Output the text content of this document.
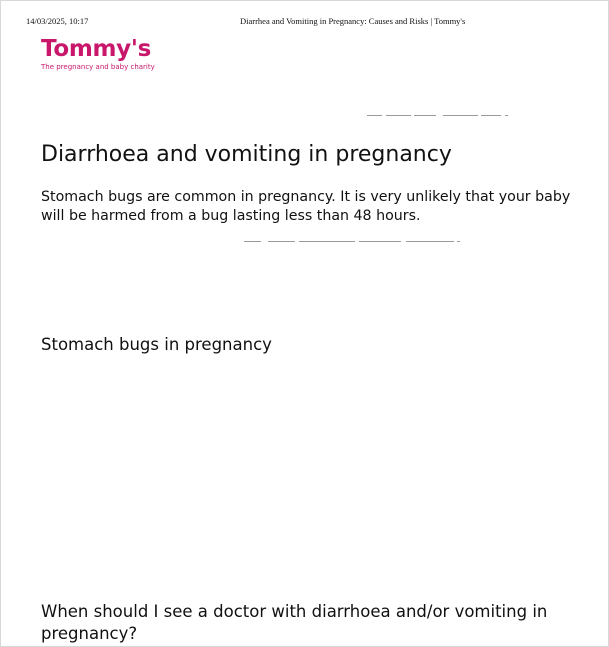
14/03/2025, 10:17	Diarrhea and Vomiting in Pregnancy: Causes and Risks | Tommy's
Tommy's
The pregnancy and baby charity
Diarrhoea and vomiting in pregnancy

Stomach bugs are common in pregnancy. It is very unlikely that your baby will be harmed from a bug lasting less than 48 hours.

Stomach bugs in pregnancy
When should I see a doctor with diarrhoea and/or vomiting in pregnancy?
